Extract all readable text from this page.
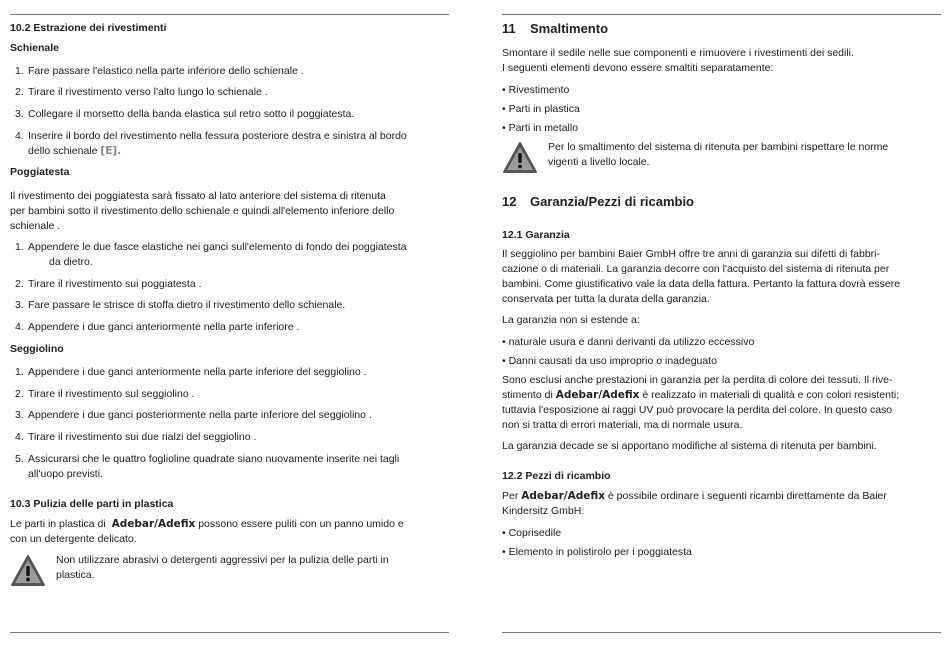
10.2 Estrazione dei rivestimenti
Schienale
1. Fare passare l'elastico nella parte inferiore dello schienale .
2. Tirare il rivestimento verso l'alto lungo lo schienale .
3. Collegare il morsetto della banda elastica sul retro sotto il poggiatesta.
4. Inserire il bordo del rivestimento nella fessura posteriore destra e sinistra al bordo
dello schienale [E].
Poggiatesta
Il rivestimento dei poggiatesta sarà fissato al lato anteriore del sistema di ritenuta
per bambini sotto il rivestimento dello schienale e quindi all'elemento inferiore dello
schienale .
1. Appendere le due fasce elastiche nei ganci sull'elemento di fondo dei poggiatesta
da dietro.
2. Tirare il rivestimento sui poggiatesta .
3. Fare passare le strisce di stoffa dietro il rivestimento dello schienale.
4. Appendere i due ganci anteriormente nella parte inferiore .
Seggiolino
1. Appendere i due ganci anteriormente nella parte inferiore del seggiolino .
2. Tirare il rivestimento sul seggiolino .
3. Appendere i due ganci posteriormente nella parte inferiore del seggiolino .
4. Tirare il rivestimento sui due rialzi del seggiolino .
5. Assicurarsi che le quattro foglioline quadrate siano nuovamente inserite nei tagli
all'uopo previsti.
10.3 Pulizia delle parti in plastica
Le parti in plastica di Adebar/Adefix possono essere puliti con un panno umido e
con un detergente delicato.
Non utilizzare abrasivi o detergenti aggressivi per la pulizia delle parti in
plastica.
11 Smaltimento
Smontare il sedile nelle sue componenti e rimuovere i rivestimenti dei sedili.
I seguenti elementi devono essere smaltiti separatamente:
• Rivestimento
• Parti in plastica
• Parti in metallo
Per lo smaltimento del sistema di ritenuta per bambini rispettare le norme
vigenti a livello locale.
12 Garanzia/Pezzi di ricambio
12.1 Garanzia
Il seggiolino per bambini Baier GmbH offre tre anni di garanzia sui difetti di fabbri-
cazione o di materiali. La garanzia decorre con l'acquisto del sistema di ritenuta per
bambini. Come giustificativo vale la data della fattura. Pertanto la fattura dovrà essere
conservata per tutta la durata della garanzia.
La garanzia non si estende a:
• naturale usura e danni derivanti da utilizzo eccessivo
• Danni causati da uso improprio o inadeguato
Sono esclusi anche prestazioni in garanzia per la perdita di colore dei tessuti. Il rive-
stimento di Adebar/Adefix è realizzato in materiali di qualità e con colori resistenti;
tuttavia l'esposizione ai raggi UV può provocare la perdita del colore. In questo caso
non si tratta di errori materiali, ma di normale usura.
La garanzia decade se si apportano modifiche al sistema di ritenuta per bambini.
12.2 Pezzi di ricambio
Per Adebar/Adefix è possibile ordinare i seguenti ricambi direttamente da Baier
Kindersitz GmbH:
• Coprisedile
• Elemento in polistirolo per i poggiatesta
